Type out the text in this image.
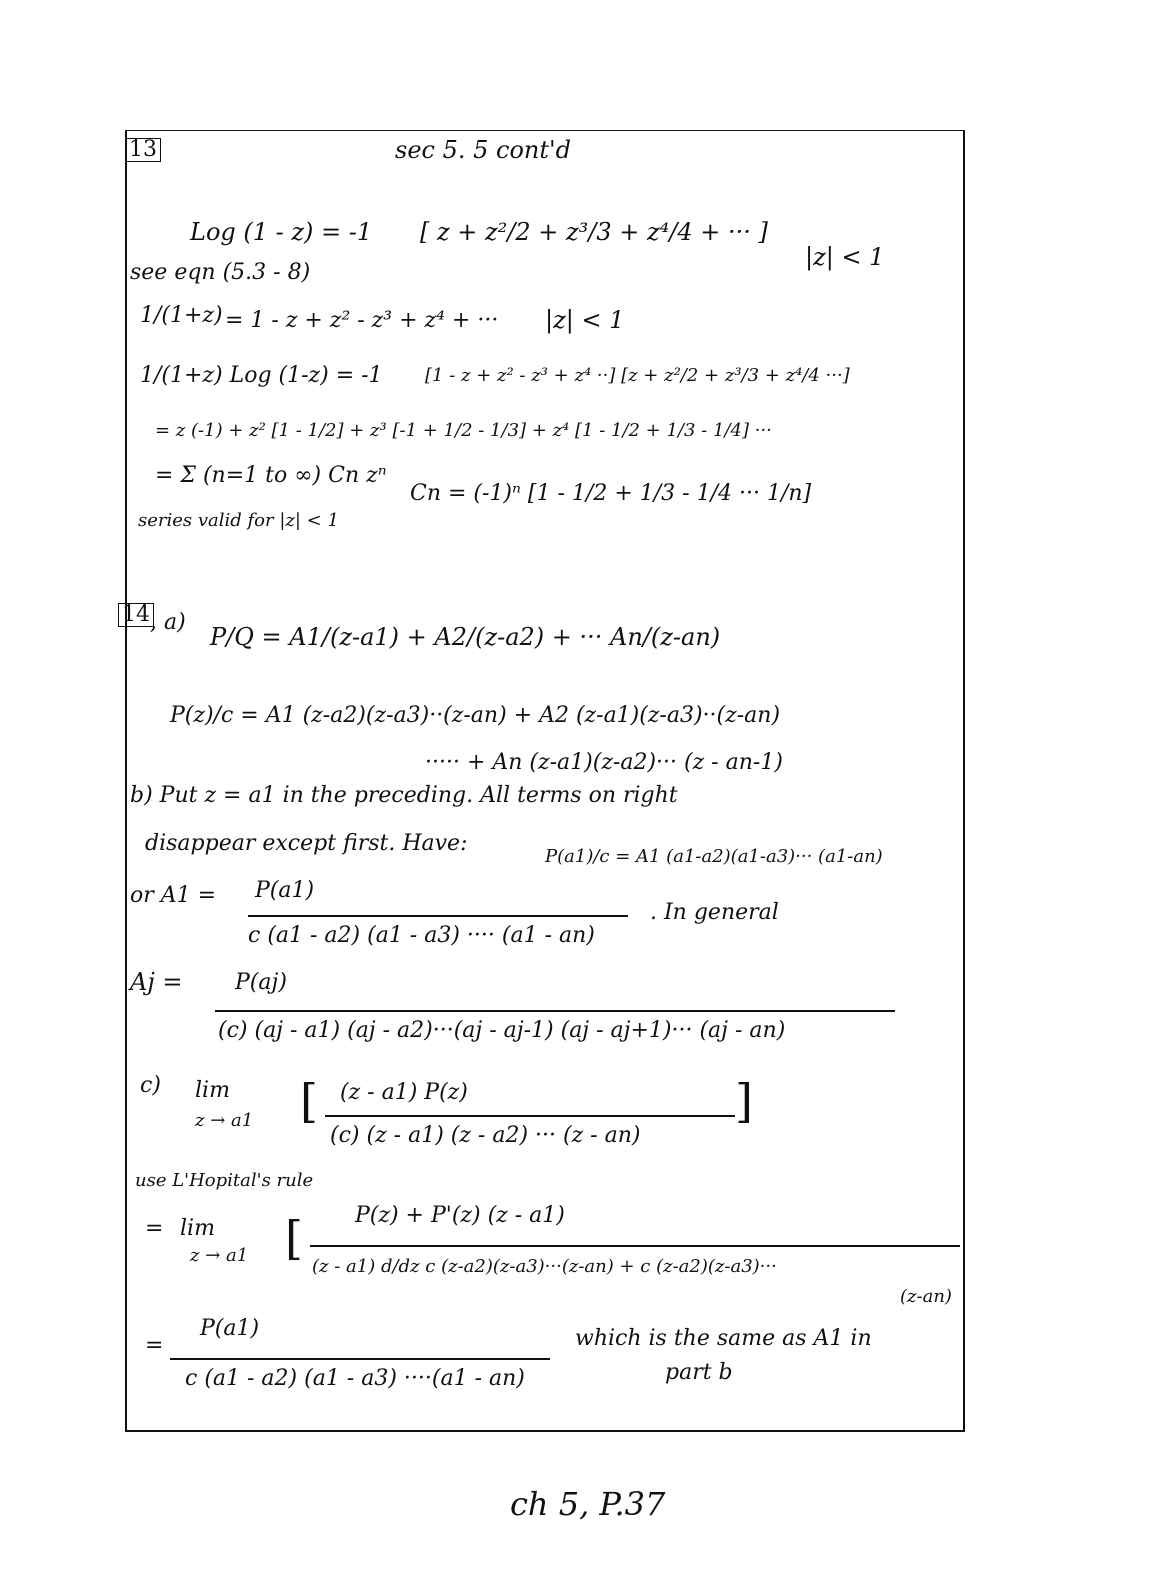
13	sec 5. 5 cont'd
Log (1 - z) = -1 [ z + z²/2 + z³/3 + z⁴/4 + ··· ]
|z| < 1
see eqn (5.3 - 8)
1/(1+z) = 1 - z + z² - z³ + z⁴ + ··· |z| < 1
1/(1+z) Log (1-z) = -1 [1 - z + z² - z³ + z⁴ ··] [z + z²/2 + z³/3 + z⁴/4 ···]
= z (-1) + z² [1 - 1/2] + z³ [-1 + 1/2 - 1/3] + z⁴ [1 - 1/2 + 1/3 - 1/4] ···
= Σ (n=1 to ∞) Cn zⁿ
Cn = (-1)ⁿ [1 - 1/2 + 1/3 - 1/4 ··· 1/n]
series valid for |z| < 1
14 , a)
P/Q = A1/(z-a1) + A2/(z-a2) + ··· An/(z-an)
P(z)/c = A1 (z-a2)(z-a3)··(z-an) + A2 (z-a1)(z-a3)··(z-an)
····· + An (z-a1)(z-a2)··· (z - an-1)
b) Put z = a1 in the preceding. All terms on right
disappear except first. Have:
P(a1)/c = A1 (a1-a2)(a1-a3)··· (a1-an)
or A1 = P(a1)
c (a1 - a2) (a1 - a3) ···· (a1 - an)
. In general
Aj = P(aj)
(c) (aj - a1) (aj - a2)···(aj - aj-1) (aj - aj+1)··· (aj - an)
c) lim
z → a1 [ (z - a1) P(z)
(c) (z - a1) (z - a2) ··· (z - an)
]
use L'Hopital's rule
= lim
z → a1 [ P(z) + P'(z) (z - a1)
(z - a1) d/dz c (z-a2)(z-a3)···(z-an) + c (z-a2)(z-a3)···
(z-an)
=
P(a1)
c (a1 - a2) (a1 - a3) ····(a1 - an)
which is the same as A1 in
part b
ch 5, P.37
